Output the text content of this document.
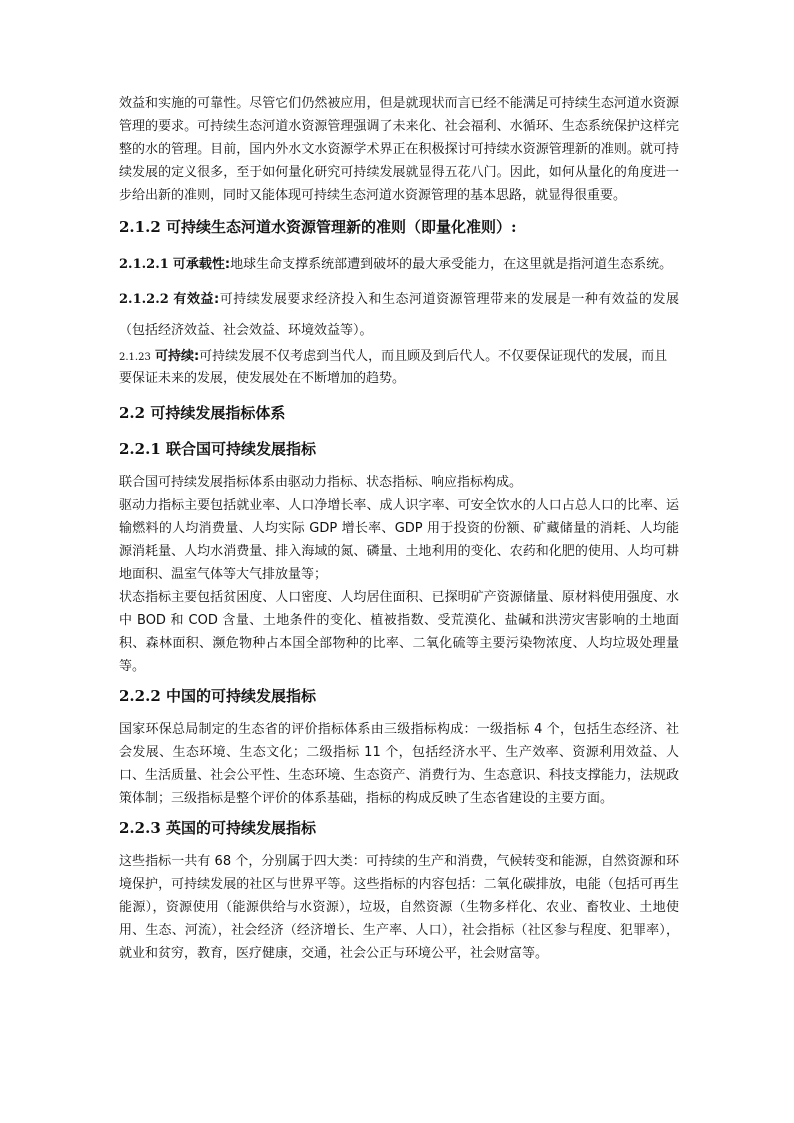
效益和实施的可靠性。尽管它们仍然被应用，但是就现状而言已经不能满足可持续生态河道水资源管理的要求。可持续生态河道水资源管理强调了未来化、社会福利、水循环、生态系统保护这样完整的水的管理。目前，国内外水文水资源学术界正在积极探讨可持续水资源管理新的准则。就可持续发展的定义很多，至于如何量化研究可持续发展就显得五花八门。因此，如何从量化的角度进一步给出新的准则，同时又能体现可持续生态河道水资源管理的基本思路，就显得很重要。

2.1.2 可持续生态河道水资源管理新的准则（即量化准则）:

2.1.2.1 可承载性:地球生命支撑系统部遭到破坏的最大承受能力，在这里就是指河道生态系统。

2.1.2.2 有效益:可持续发展要求经济投入和生态河道资源管理带来的发展是一种有效益的发展（包括经济效益、社会效益、环境效益等）。

2.1.23 可持续:可持续发展不仅考虑到当代人，而且顾及到后代人。不仅要保证现代的发展，而且要保证未来的发展，使发展处在不断增加的趋势。

2.2 可持续发展指标体系
2.2.1 联合国可持续发展指标

联合国可持续发展指标体系由驱动力指标、状态指标、响应指标构成。

驱动力指标主要包括就业率、人口净增长率、成人识字率、可安全饮水的人口占总人口的比率、运输燃料的人均消费量、人均实际 GDP 增长率、GDP 用于投资的份额、矿藏储量的消耗、人均能源消耗量、人均水消费量、排入海域的氮、磷量、土地利用的变化、农药和化肥的使用、人均可耕地面积、温室气体等大气排放量等；

状态指标主要包括贫困度、人口密度、人均居住面积、已探明矿产资源储量、原材料使用强度、水中 BOD 和 COD 含量、土地条件的变化、植被指数、受荒漠化、盐碱和洪涝灾害影响的土地面积、森林面积、濒危物种占本国全部物种的比率、二氧化硫等主要污染物浓度、人均垃圾处理量等。

2.2.2 中国的可持续发展指标

国家环保总局制定的生态省的评价指标体系由三级指标构成：一级指标 4 个，包括生态经济、社会发展、生态环境、生态文化；二级指标 11 个，包括经济水平、生产效率、资源利用效益、人口、生活质量、社会公平性、生态环境、生态资产、消费行为、生态意识、科技支撑能力，法规政策体制；三级指标是整个评价的体系基础，指标的构成反映了生态省建设的主要方面。

2.2.3 英国的可持续发展指标

这些指标一共有 68 个，分别属于四大类：可持续的生产和消费，气候转变和能源，自然资源和环境保护，可持续发展的社区与世界平等。这些指标的内容包括：二氧化碳排放，电能（包括可再生能源），资源使用（能源供给与水资源），垃圾，自然资源（生物多样化、农业、畜牧业、土地使用、生态、河流），社会经济（经济增长、生产率、人口），社会指标（社区参与程度、犯罪率），就业和贫穷，教育，医疗健康，交通，社会公正与环境公平，社会财富等。
